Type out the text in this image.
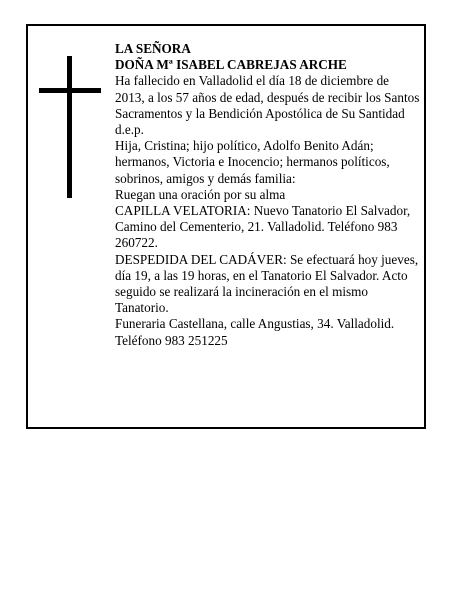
LA SEÑORA

DOÑA Mª ISABEL CABREJAS ARCHE

Ha fallecido en Valladolid el día 18 de diciembre de 2013, a los 57 años de edad, después de recibir los Santos Sacramentos y la Bendición Apostólica de Su Santidad

d.e.p.

Hija, Cristina; hijo político, Adolfo Benito Adán; hermanos, Victoria e Inocencio; hermanos políticos, sobrinos, amigos y demás familia:

Ruegan una oración por su alma

CAPILLA VELATORIA: Nuevo Tanatorio El Salvador, Camino del Cementerio, 21. Valladolid. Teléfono 983 260722.

DESPEDIDA DEL CADÁVER: Se efectuará hoy jueves, día 19, a las 19 horas, en el Tanatorio El Salvador. Acto seguido se realizará la incineración en el mismo Tanatorio.

Funeraria Castellana, calle Angustias, 34. Valladolid. Teléfono 983 251225
